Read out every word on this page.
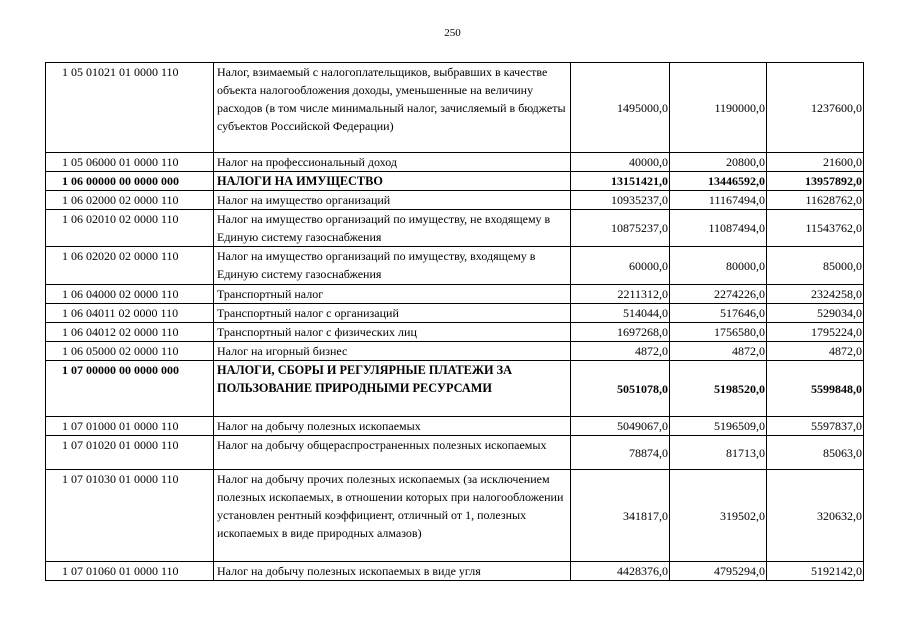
250
1 05 01021 01 0000 110	Налог, взимаемый с налогоплательщиков, выбравших в качестве объекта налогообложения доходы, уменьшенные на величину расходов (в том числе минимальный налог, зачисляемый в бюджеты субъектов Российской Федерации)	1495000,0	1190000,0	1237600,0
1 05 06000 01 0000 110	Налог на профессиональный доход	40000,0	20800,0	21600,0
1 06 00000 00 0000 000	НАЛОГИ НА ИМУЩЕСТВО	13151421,0	13446592,0	13957892,0
1 06 02000 02 0000 110	Налог на имущество организаций	10935237,0	11167494,0	11628762,0
1 06 02010 02 0000 110	Налог на имущество организаций по имуществу, не входящему в Единую систему газоснабжения	10875237,0	11087494,0	11543762,0
1 06 02020 02 0000 110	Налог на имущество организаций по имуществу, входящему в Единую систему газоснабжения	60000,0	80000,0	85000,0
1 06 04000 02 0000 110	Транспортный налог	2211312,0	2274226,0	2324258,0
1 06 04011 02 0000 110	Транспортный налог с организаций	514044,0	517646,0	529034,0
1 06 04012 02 0000 110	Транспортный налог с физических лиц	1697268,0	1756580,0	1795224,0
1 06 05000 02 0000 110	Налог на игорный бизнес	4872,0	4872,0	4872,0
1 07 00000 00 0000 000	НАЛОГИ, СБОРЫ И РЕГУЛЯРНЫЕ ПЛАТЕЖИ ЗА ПОЛЬЗОВАНИЕ ПРИРОДНЫМИ РЕСУРСАМИ	5051078,0	5198520,0	5599848,0
1 07 01000 01 0000 110	Налог на добычу полезных ископаемых	5049067,0	5196509,0	5597837,0
1 07 01020 01 0000 110	Налог на добычу общераспространенных полезных ископаемых	78874,0	81713,0	85063,0
1 07 01030 01 0000 110	Налог на добычу прочих полезных ископаемых (за исключением полезных ископаемых, в отношении которых при налогообложении установлен рентный коэффициент, отличный от 1, полезных ископаемых в виде природных алмазов)	341817,0	319502,0	320632,0
1 07 01060 01 0000 110	Налог на добычу полезных ископаемых в виде угля	4428376,0	4795294,0	5192142,0
